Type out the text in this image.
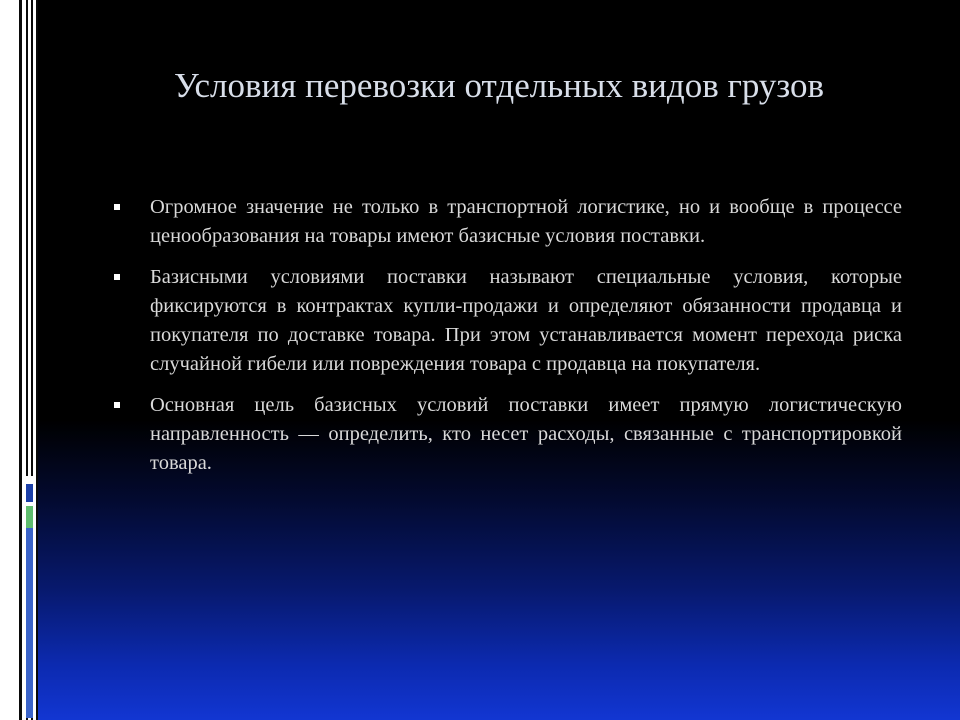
Условия перевозки отдельных видов грузов
Огромное значение не только в транспортной логистике, но и вообще в процессе ценообразования на товары имеют базисные условия поставки.
Базисными условиями поставки называют специальные условия, которые фиксируются в контрактах купли-продажи и определяют обязанности продавца и покупателя по доставке товара. При этом устанавливается момент перехода риска случайной гибели или повреждения товара с продавца на покупателя.
Основная цель базисных условий поставки имеет прямую логистическую направленность — определить, кто несет расходы, связанные с транспортировкой товара.
